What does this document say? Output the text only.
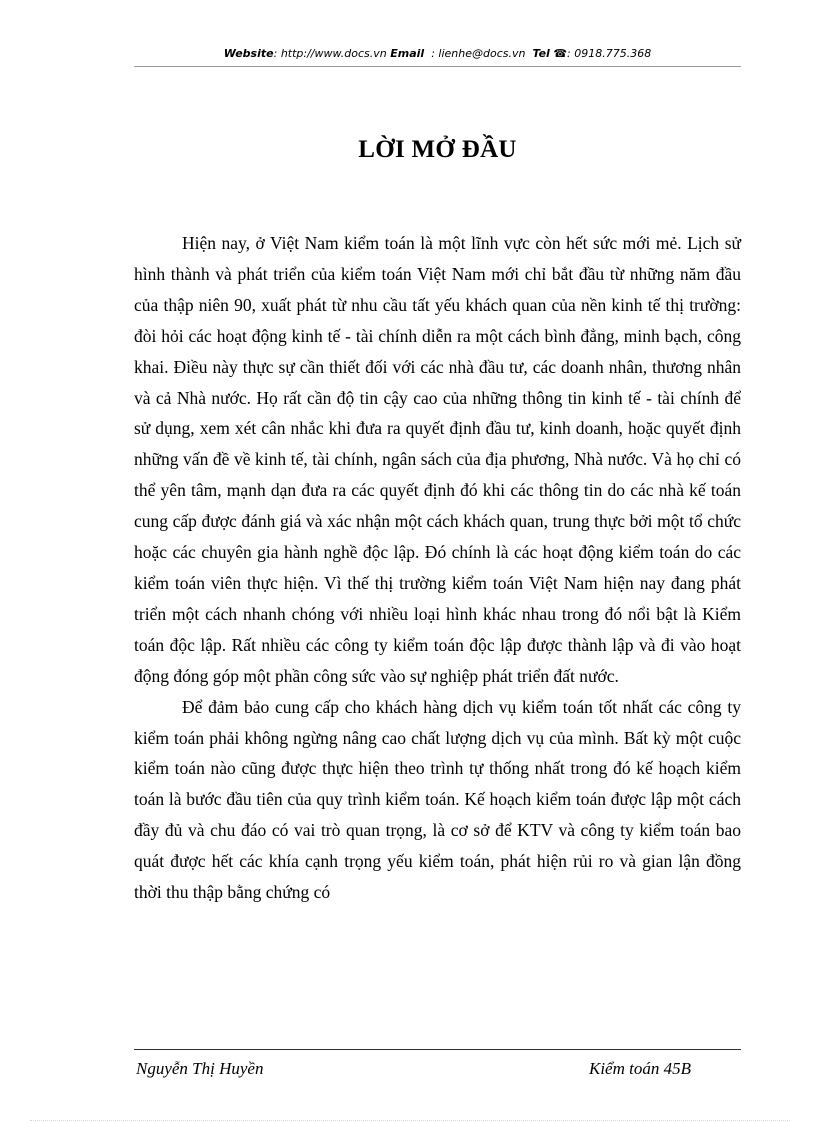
Website: http://www.docs.vn Email  : lienhe@docs.vn Tel ☎: 0918.775.368
LỜI MỞ ĐẦU

Hiện nay, ở Việt Nam kiểm toán là một lĩnh vực còn hết sức mới mẻ. Lịch sử hình thành và phát triển của kiểm toán Việt Nam mới chỉ bắt đầu từ những năm đầu của thập niên 90, xuất phát từ nhu cầu tất yếu khách quan của nền kinh tế thị trường: đòi hỏi các hoạt động kinh tế - tài chính diễn ra một cách bình đẳng, minh bạch, công khai. Điều này thực sự cần thiết đối với các nhà đầu tư, các doanh nhân, thương nhân và cả Nhà nước. Họ rất cần độ tin cậy cao của những thông tin kinh tế - tài chính để sử dụng, xem xét cân nhắc khi đưa ra quyết định đầu tư, kinh doanh, hoặc quyết định những vấn đề về kinh tế, tài chính, ngân sách của địa phương, Nhà nước. Và họ chỉ có thể yên tâm, mạnh dạn đưa ra các quyết định đó khi các thông tin do các nhà kế toán cung cấp được đánh giá và xác nhận một cách khách quan, trung thực bởi một tổ chức hoặc các chuyên gia hành nghề độc lập. Đó chính là các hoạt động kiểm toán do các kiểm toán viên thực hiện. Vì thế thị trường kiểm toán Việt Nam hiện nay đang phát triển một cách nhanh chóng với nhiều loại hình khác nhau trong đó nổi bật là Kiểm toán độc lập. Rất nhiều các công ty kiểm toán độc lập được thành lập và đi vào hoạt động đóng góp một phần công sức vào sự nghiệp phát triển đất nước.

Để đảm bảo cung cấp cho khách hàng dịch vụ kiểm toán tốt nhất các công ty kiểm toán phải không ngừng nâng cao chất lượng dịch vụ của mình. Bất kỳ một cuộc kiểm toán nào cũng được thực hiện theo trình tự thống nhất trong đó kế hoạch kiểm toán là bước đầu tiên của quy trình kiểm toán. Kế hoạch kiểm toán được lập một cách đầy đủ và chu đáo có vai trò quan trọng, là cơ sở để KTV và công ty kiểm toán bao quát được hết các khía cạnh trọng yếu kiểm toán, phát hiện rủi ro và gian lận đồng thời thu thập bằng chứng có

Nguyễn Thị Huyền	Kiểm toán 45B
